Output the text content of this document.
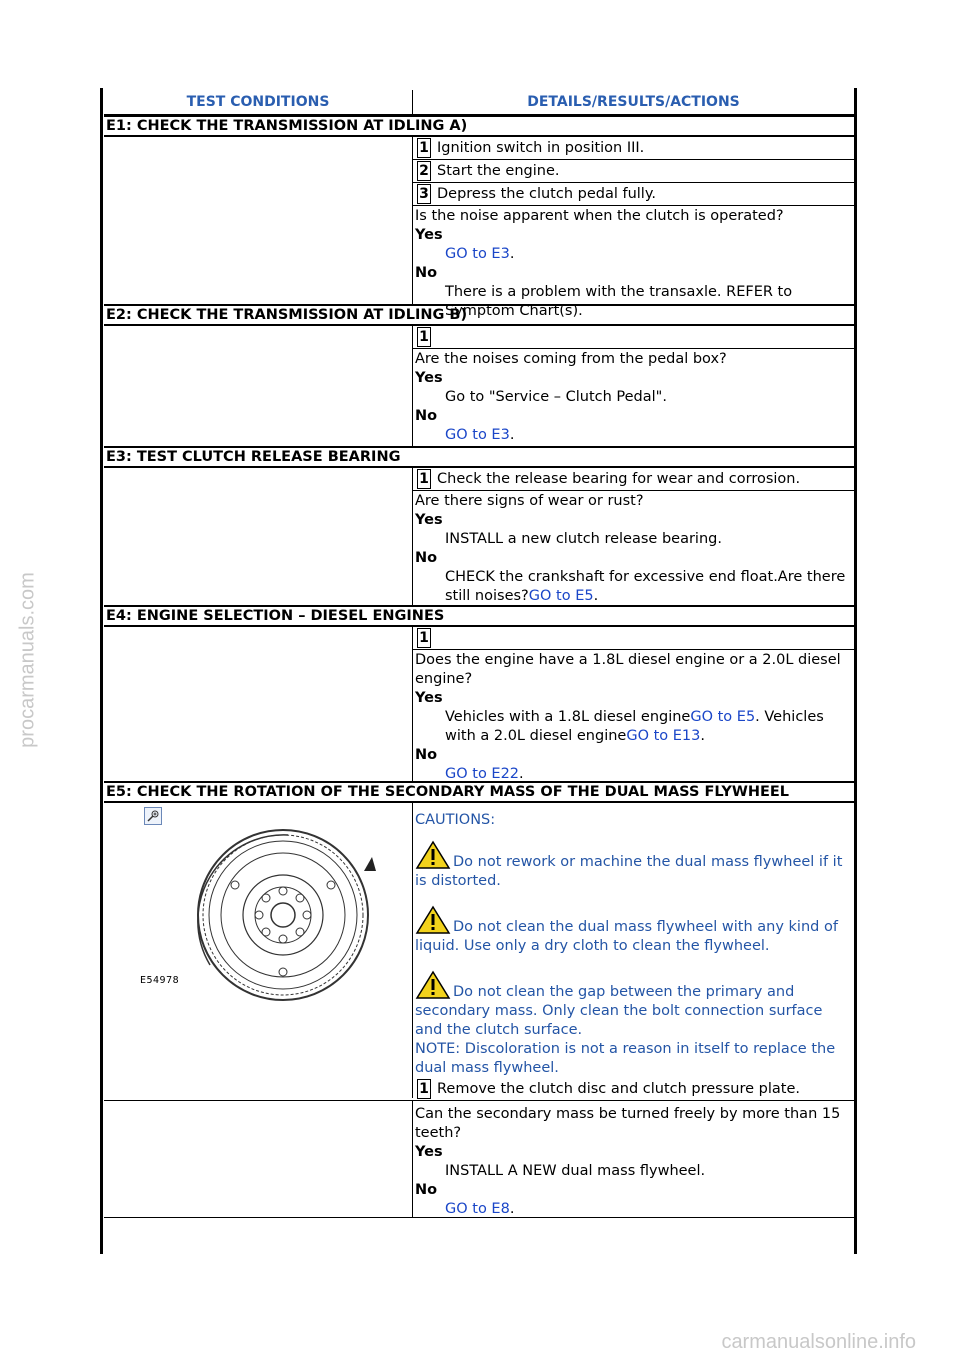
procarmanuals.com
carmanualsonline.info
TEST CONDITIONS	DETAILS/RESULTS/ACTIONS
E1: CHECK THE TRANSMISSION AT IDLING A)
1 Ignition switch in position III.
2 Start the engine.
3 Depress the clutch pedal fully.
Is the noise apparent when the clutch is operated?
Yes
GO to E3.
No
There is a problem with the transaxle. REFER to Symptom Chart(s).
E2: CHECK THE TRANSMISSION AT IDLING B)
1
Are the noises coming from the pedal box?
Yes
Go to "Service – Clutch Pedal".
No
GO to E3.
E3: TEST CLUTCH RELEASE BEARING
1 Check the release bearing for wear and corrosion.
Are there signs of wear or rust?
Yes
INSTALL a new clutch release bearing.
No
CHECK the crankshaft for excessive end float.Are there still noises?GO to E5.
E4: ENGINE SELECTION – DIESEL ENGINES
1
Does the engine have a 1.8L diesel engine or a 2.0L diesel engine?
Yes
Vehicles with a 1.8L diesel engineGO to E5. Vehicles with a 2.0L diesel engineGO to E13.
No
GO to E22.
E5: CHECK THE ROTATION OF THE SECONDARY MASS OF THE DUAL MASS FLYWHEEL
E54978
CAUTIONS:
Do not rework or machine the dual mass flywheel if it is distorted.
Do not clean the dual mass flywheel with any kind of liquid. Use only a dry cloth to clean the flywheel.
Do not clean the gap between the primary and secondary mass. Only clean the bolt connection surface and the clutch surface.
NOTE: Discoloration is not a reason in itself to replace the dual mass flywheel.
1 Remove the clutch disc and clutch pressure plate.
Can the secondary mass be turned freely by more than 15 teeth?
Yes
INSTALL A NEW dual mass flywheel.
No
GO to E8.
